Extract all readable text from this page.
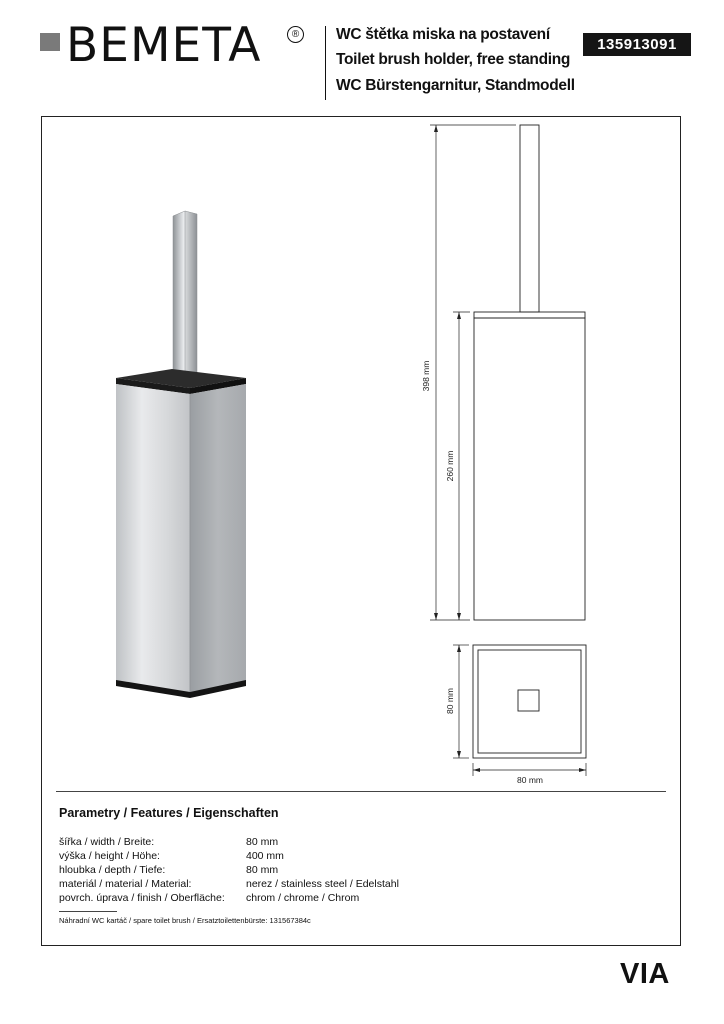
BEMETA	®	WC štětka miska na postavení
Toilet brush holder, free standing
WC Bürstengarnitur, Standmodell
135913091
398 mm
260 mm
80 mm
80 mm
Parametry / Features / Eigenschaften
šířka / width / Breite:	80 mm
výška / height / Höhe:	400 mm
hloubka / depth / Tiefe:	80 mm
materiál / material / Material:	nerez / stainless steel / Edelstahl
povrch. úprava / finish / Oberfläche: chrom / chrome / Chrom
Náhradní WC kartáč / spare toilet brush / Ersatztoilettenbürste: 131567384c
VIA
